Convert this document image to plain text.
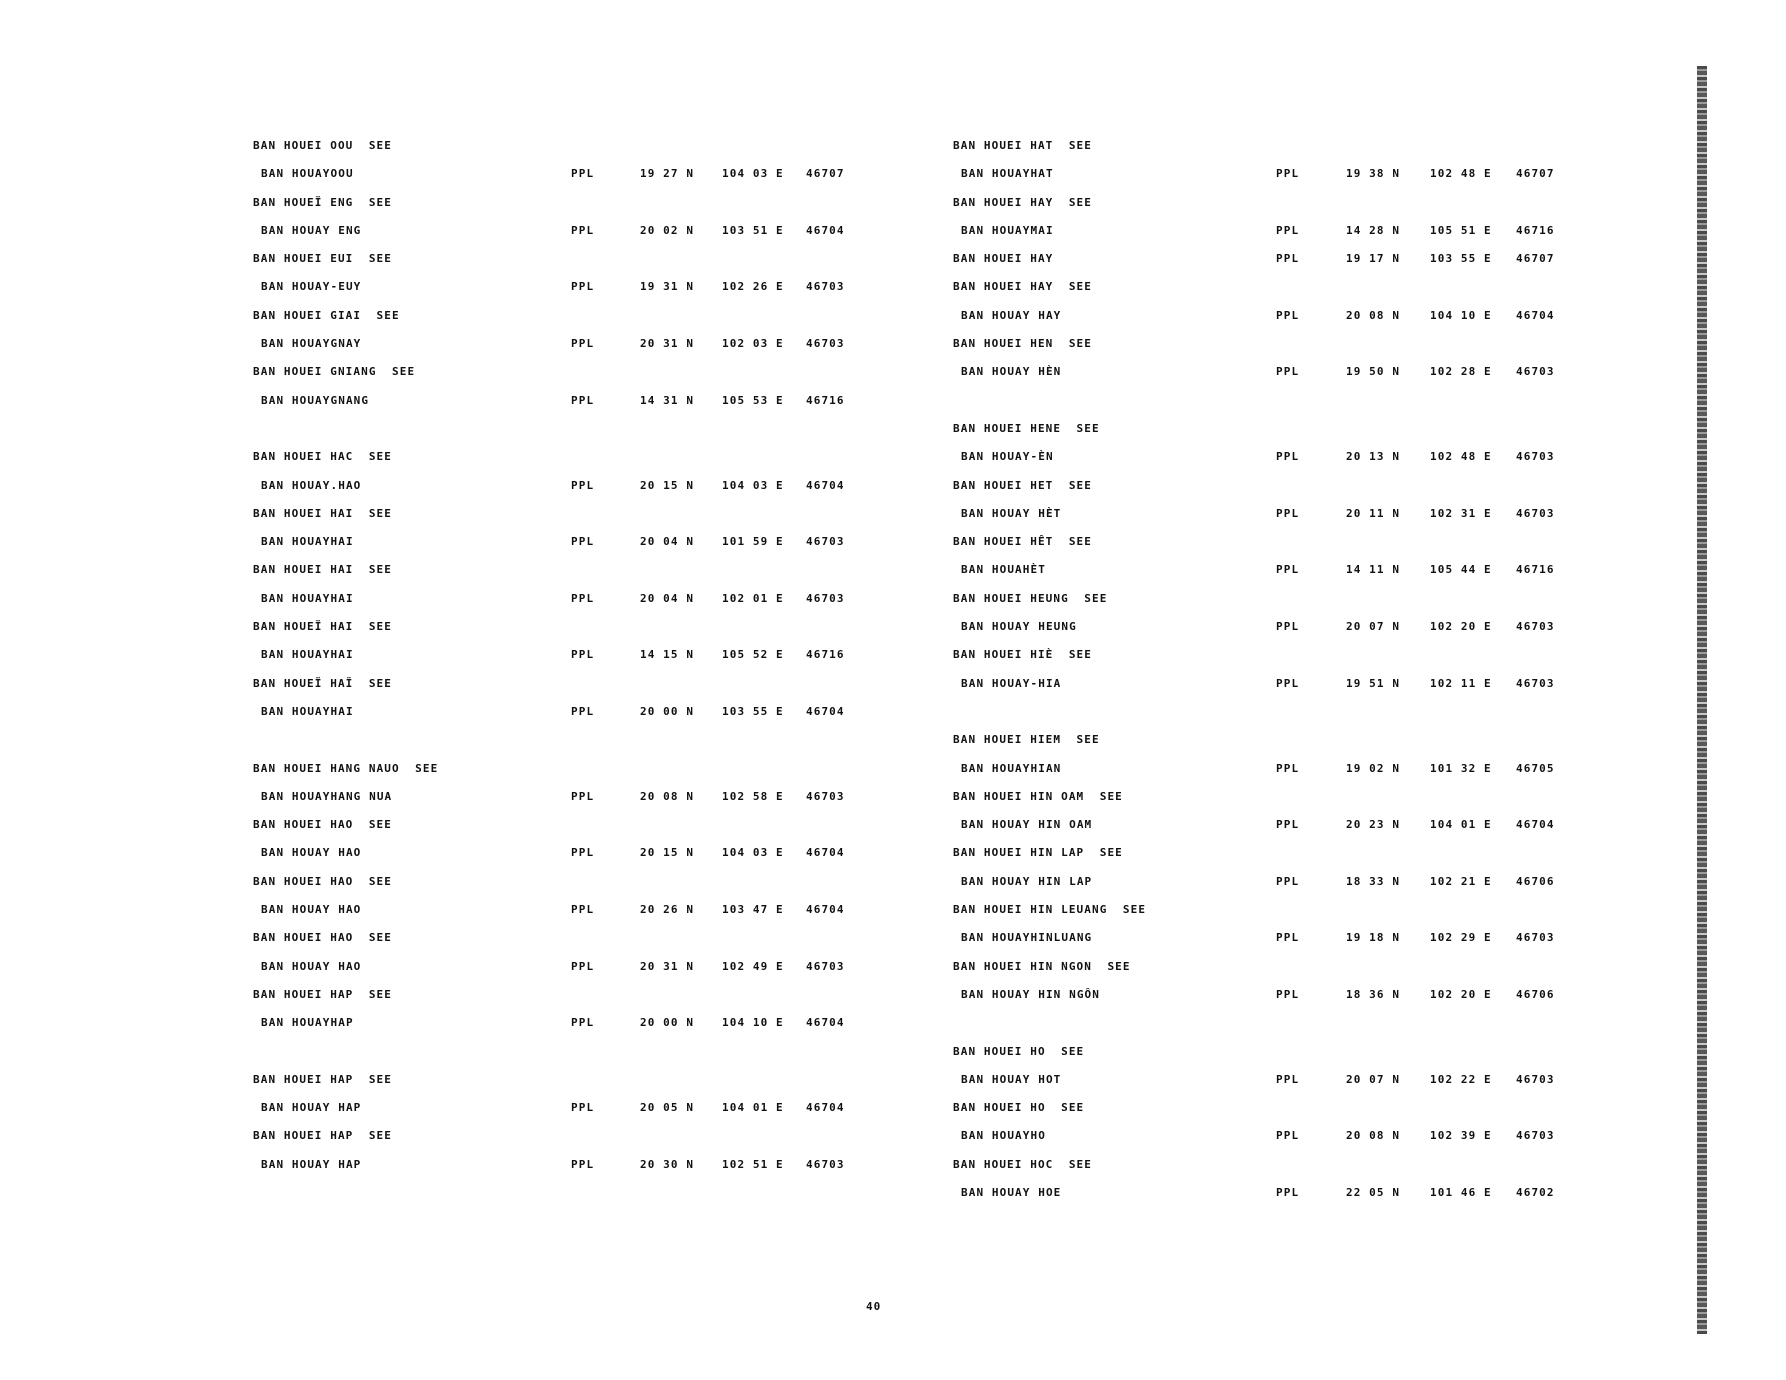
BAN HOUEI OOU  SEE
BAN HOUAYOOU	PPL	19 27 N	104 03 E 46707
BAN HOUEÏ ENG  SEE
BAN HOUAY ENG	PPL	20 02 N	103 51 E 46704
BAN HOUEI EUI  SEE
BAN HOUAY-EUY	PPL	19 31 N	102 26 E 46703
BAN HOUEI GIAI  SEE
BAN HOUAYGNAY	PPL	20 31 N	102 03 E 46703
BAN HOUEI GNIANG  SEE
BAN HOUAYGNANG	PPL	14 31 N	105 53 E 46716
BAN HOUEI HAC  SEE
BAN HOUAY.HAO	PPL	20 15 N	104 03 E 46704
BAN HOUEI HAI  SEE
BAN HOUAYHAI	PPL	20 04 N	101 59 E 46703
BAN HOUEI HAI  SEE
BAN HOUAYHAI	PPL	20 04 N	102 01 E 46703
BAN HOUEÏ HAI  SEE
BAN HOUAYHAI	PPL	14 15 N	105 52 E 46716
BAN HOUEÏ HAÏ  SEE
BAN HOUAYHAI	PPL	20 00 N	103 55 E 46704
BAN HOUEI HANG NAUO  SEE
BAN HOUAYHANG NUA	PPL	20 08 N	102 58 E 46703
BAN HOUEI HAO  SEE
BAN HOUAY HAO	PPL	20 15 N	104 03 E 46704
BAN HOUEI HAO  SEE
BAN HOUAY HAO	PPL	20 26 N	103 47 E 46704
BAN HOUEI HAO  SEE
BAN HOUAY HAO	PPL	20 31 N	102 49 E 46703
BAN HOUEI HAP  SEE
BAN HOUAYHAP	PPL	20 00 N	104 10 E 46704
BAN HOUEI HAP  SEE
BAN HOUAY HAP	PPL	20 05 N	104 01 E 46704
BAN HOUEI HAP  SEE
BAN HOUAY HAP	PPL	20 30 N	102 51 E 46703
BAN HOUEI HAT  SEE
BAN HOUAYHAT	PPL	19 38 N	102 48 E 46707
BAN HOUEI HAY  SEE
BAN HOUAYMAI	PPL	14 28 N	105 51 E 46716
BAN HOUEI HAY	PPL	19 17 N	103 55 E 46707
BAN HOUEI HAY  SEE
BAN HOUAY HAY	PPL	20 08 N	104 10 E 46704
BAN HOUEI HEN  SEE
BAN HOUAY HÈN	PPL	19 50 N	102 28 E 46703
BAN HOUEI HENE  SEE
BAN HOUAY-ÈN	PPL	20 13 N	102 48 E 46703
BAN HOUEI HET  SEE
BAN HOUAY HÈT	PPL	20 11 N	102 31 E 46703
BAN HOUEI HÊT  SEE
BAN HOUAHÈT	PPL	14 11 N	105 44 E 46716
BAN HOUEI HEUNG  SEE
BAN HOUAY HEUNG	PPL	20 07 N	102 20 E 46703
BAN HOUEI HIÈ  SEE
BAN HOUAY-HIA	PPL	19 51 N	102 11 E 46703
BAN HOUEI HIEM  SEE
BAN HOUAYHIAN	PPL	19 02 N	101 32 E 46705
BAN HOUEI HIN OAM  SEE
BAN HOUAY HIN OAM	PPL	20 23 N	104 01 E 46704
BAN HOUEI HIN LAP  SEE
BAN HOUAY HIN LAP	PPL	18 33 N	102 21 E 46706
BAN HOUEI HIN LEUANG  SEE
BAN HOUAYHINLUANG	PPL	19 18 N	102 29 E 46703
BAN HOUEI HIN NGON  SEE
BAN HOUAY HIN NGÔN	PPL	18 36 N	102 20 E 46706
BAN HOUEI HO  SEE
BAN HOUAY HOT	PPL	20 07 N	102 22 E 46703
BAN HOUEI HO  SEE
BAN HOUAYHO	PPL	20 08 N	102 39 E 46703
BAN HOUEI HOC  SEE
BAN HOUAY HOE	PPL	22 05 N	101 46 E 46702
40
